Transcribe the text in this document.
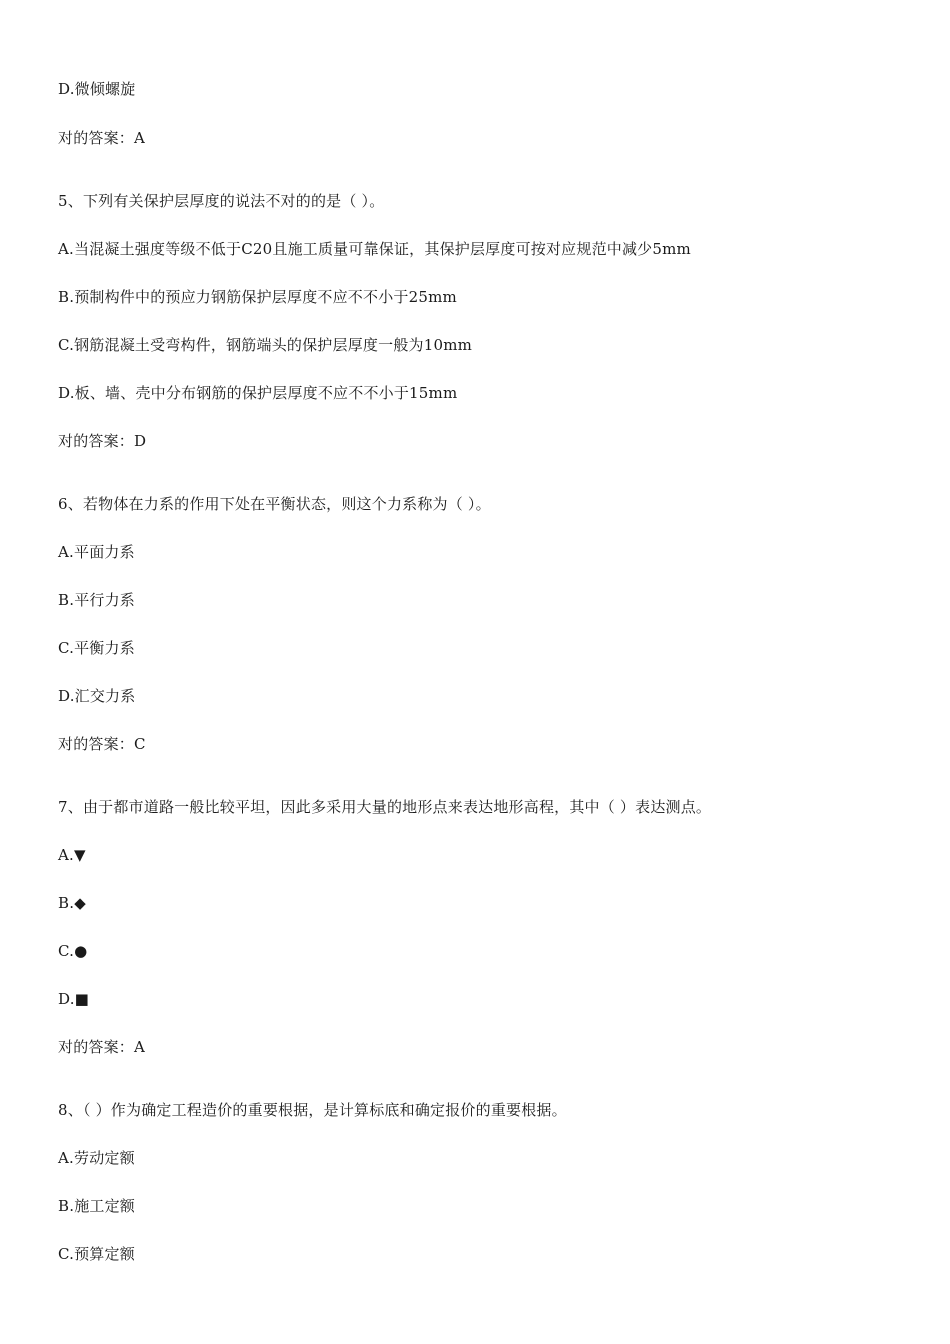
D.微倾螺旋
对的答案：A
5、下列有关保护层厚度的说法不对的的是（ ）。
A.当混凝土强度等级不低于C20且施工质量可靠保证，其保护层厚度可按对应规范中减少5mm
B.预制构件中的预应力钢筋保护层厚度不应不不小于25mm
C.钢筋混凝土受弯构件，钢筋端头的保护层厚度一般为10mm
D.板、墙、壳中分布钢筋的保护层厚度不应不不小于15mm
对的答案：D
6、若物体在力系的作用下处在平衡状态，则这个力系称为（ ）。
A.平面力系
B.平行力系
C.平衡力系
D.汇交力系
对的答案：C
7、由于都市道路一般比较平坦，因此多采用大量的地形点来表达地形高程，其中（ ）表达测点。
A.▼
B.◆
C.●
D.■
对的答案：A
8、（ ）作为确定工程造价的重要根据，是计算标底和确定报价的重要根据。
A.劳动定额
B.施工定额
C.预算定额
